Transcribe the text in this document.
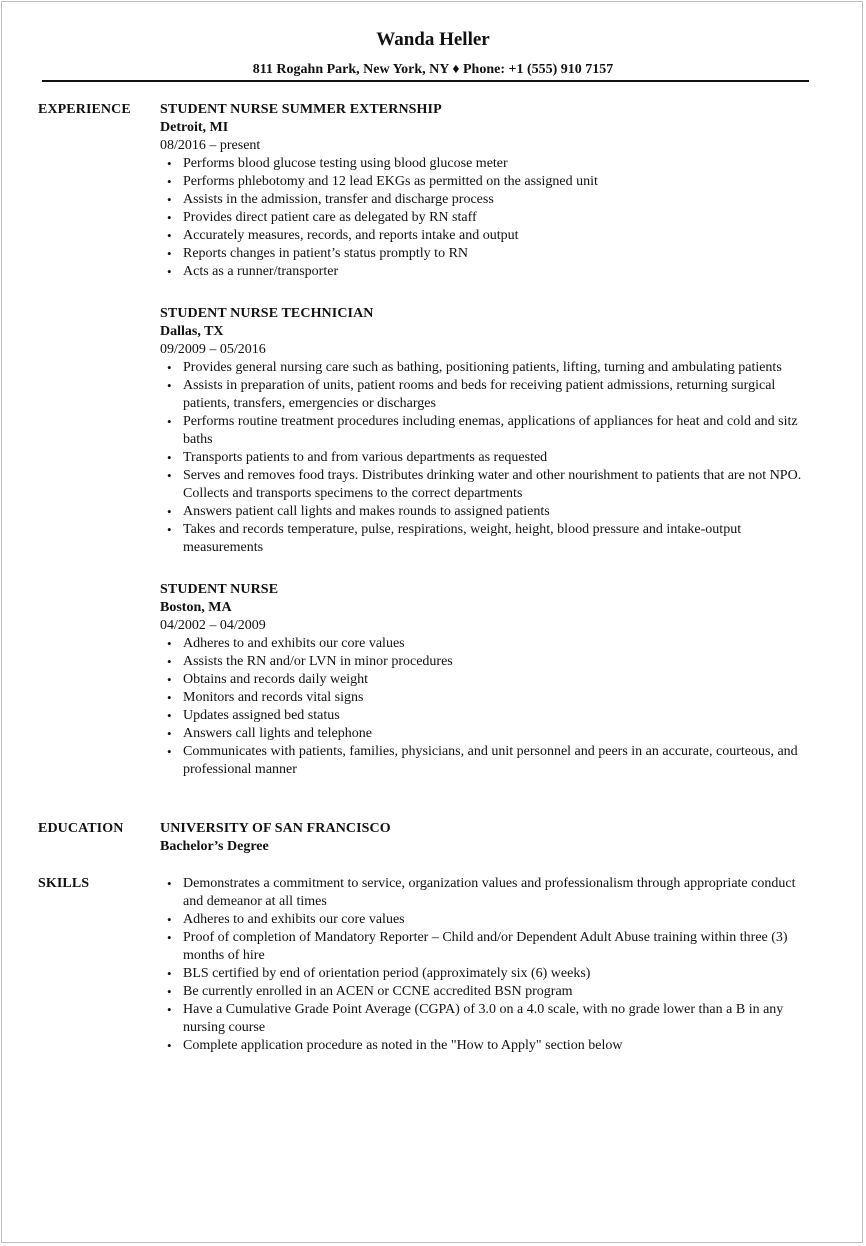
Wanda Heller
811 Rogahn Park, New York, NY ♦ Phone: +1 (555) 910 7157
EXPERIENCE STUDENT NURSE SUMMER EXTERNSHIP
Detroit, MI
08/2016 – present
• Performs blood glucose testing using blood glucose meter
• Performs phlebotomy and 12 lead EKGs as permitted on the assigned unit
• Assists in the admission, transfer and discharge process
• Provides direct patient care as delegated by RN staff
• Accurately measures, records, and reports intake and output
• Reports changes in patient’s status promptly to RN
• Acts as a runner/transporter
STUDENT NURSE TECHNICIAN
Dallas, TX
09/2009 – 05/2016
• Provides general nursing care such as bathing, positioning patients, lifting, turning and ambulating patients
• Assists in preparation of units, patient rooms and beds for receiving patient admissions, returning surgical patients, transfers, emergencies or discharges
• Performs routine treatment procedures including enemas, applications of appliances for heat and cold and sitz baths
• Transports patients to and from various departments as requested
• Serves and removes food trays. Distributes drinking water and other nourishment to patients that are not NPO. Collects and transports specimens to the correct departments
• Answers patient call lights and makes rounds to assigned patients
• Takes and records temperature, pulse, respirations, weight, height, blood pressure and intake-output measurements
STUDENT NURSE
Boston, MA
04/2002 – 04/2009
• Adheres to and exhibits our core values
• Assists the RN and/or LVN in minor procedures
• Obtains and records daily weight
• Monitors and records vital signs
• Updates assigned bed status
• Answers call lights and telephone
• Communicates with patients, families, physicians, and unit personnel and peers in an accurate, courteous, and professional manner
EDUCATION	UNIVERSITY OF SAN FRANCISCO
Bachelor’s Degree
SKILLS
•	Demonstrates a commitment to service, organization values and professionalism through appropriate conduct and demeanor at all times
• Adheres to and exhibits our core values
• Proof of completion of Mandatory Reporter – Child and/or Dependent Adult Abuse training within three (3) months of hire
• BLS certified by end of orientation period (approximately six (6) weeks)
• Be currently enrolled in an ACEN or CCNE accredited BSN program
• Have a Cumulative Grade Point Average (CGPA) of 3.0 on a 4.0 scale, with no grade lower than a B in any nursing course
• Complete application procedure as noted in the "How to Apply" section below
